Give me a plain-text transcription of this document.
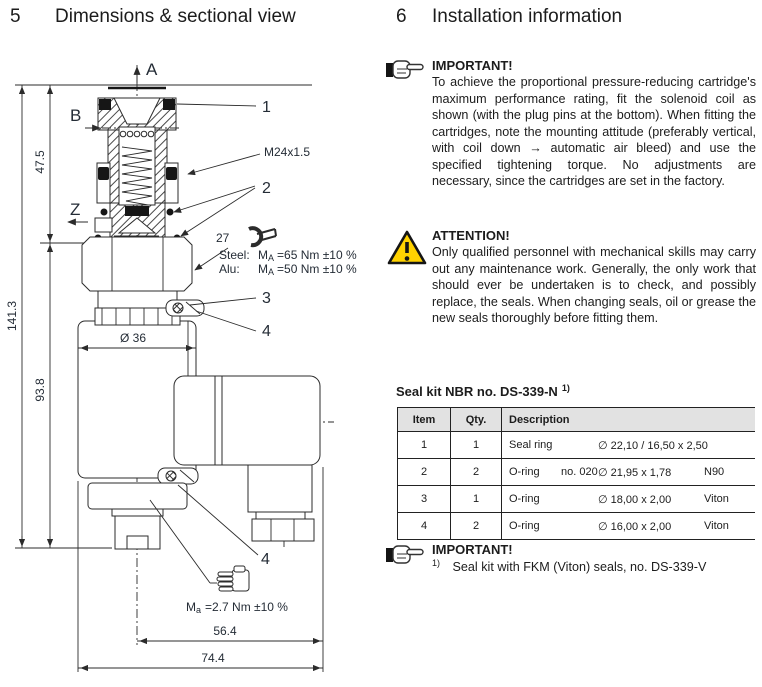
5 Dimensions & sectional view	6 Installation information
A
B
Z
1
2
3
4
4
M24x1.5
27
Steel: MA =65 Nm ±10 %
Alu: MA =50 Nm ±10 %
Ma =2.7 Nm ±10 %
141.3
47.5
93.8
Ø 36
56.4
74.4
IMPORTANT!
To achieve the proportional pressure-reducing cartridge's maximum performance rating, fit the solenoid coil as shown (with the plug pins at the bottom). When fitting the cartridges, note the mounting attitude (preferably vertical, with coil down → automatic air bleed) and use the specified tightening torque. No adjustments are necessary, since the cartridges are set in the factory.
ATTENTION!
Only qualified personnel with mechanical skills may carry out any maintenance work. Generally, the only work that should ever be undertaken is to check, and possibly replace, the seals. When changing seals, oil or grease the new seals thoroughly before fitting them.
Seal kit NBR no. DS-339-N $^{1)}$
Item	Qty.	Description
1	1	Seal ring	∅ 22,10 / 16,50 x 2,50
2	2	O-ring	no. 020 ∅ 21,95 x 1,78	N90
3	1	O-ring	∅ 18,00 x 2,00	Viton
4	2	O-ring	∅ 16,00 x 2,00	Viton
IMPORTANT!
$^{1)}$ Seal kit with FKM (Viton) seals, no. DS-339-V
